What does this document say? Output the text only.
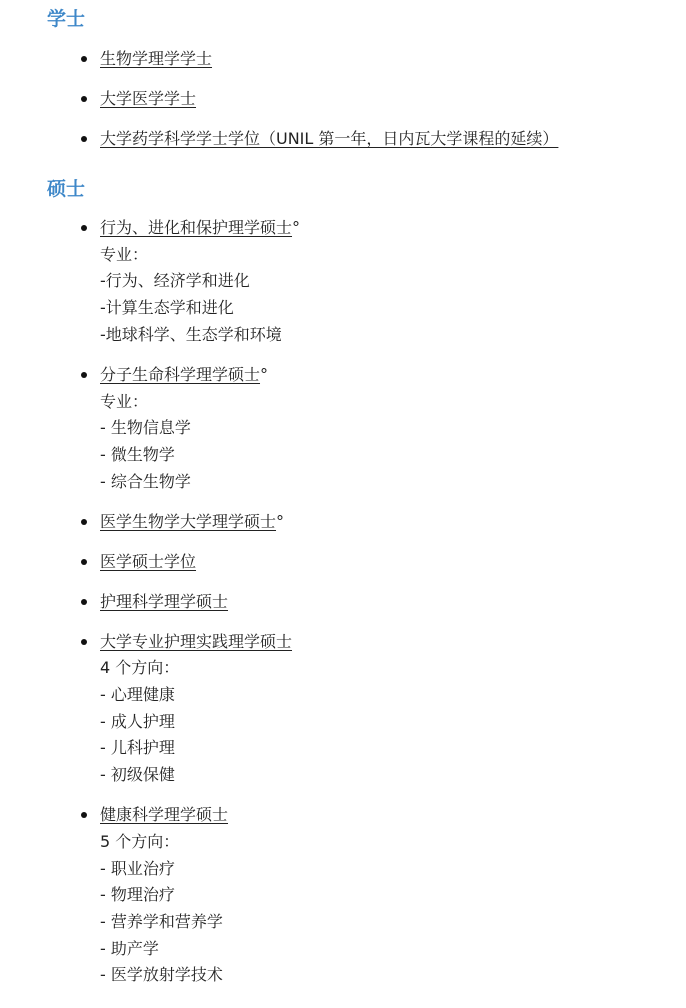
学士
生物学理学学士
大学医学学士
大学药学科学学士学位（UNIL 第一年，日内瓦大学课程的延续）
硕士
行为、进化和保护理学硕士°
专业：
-行为、经济学和进化
-计算生态学和进化
-地球科学、生态学和环境
分子生命科学理学硕士°
专业：
- 生物信息学
- 微生物学
- 综合生物学
医学生物学大学理学硕士°
医学硕士学位
护理科学理学硕士
大学专业护理实践理学硕士
4 个方向：
- 心理健康
- 成人护理
- 儿科护理
- 初级保健
健康科学理学硕士
5 个方向：
- 职业治疗
- 物理治疗
- 营养学和营养学
- 助产学
- 医学放射学技术
